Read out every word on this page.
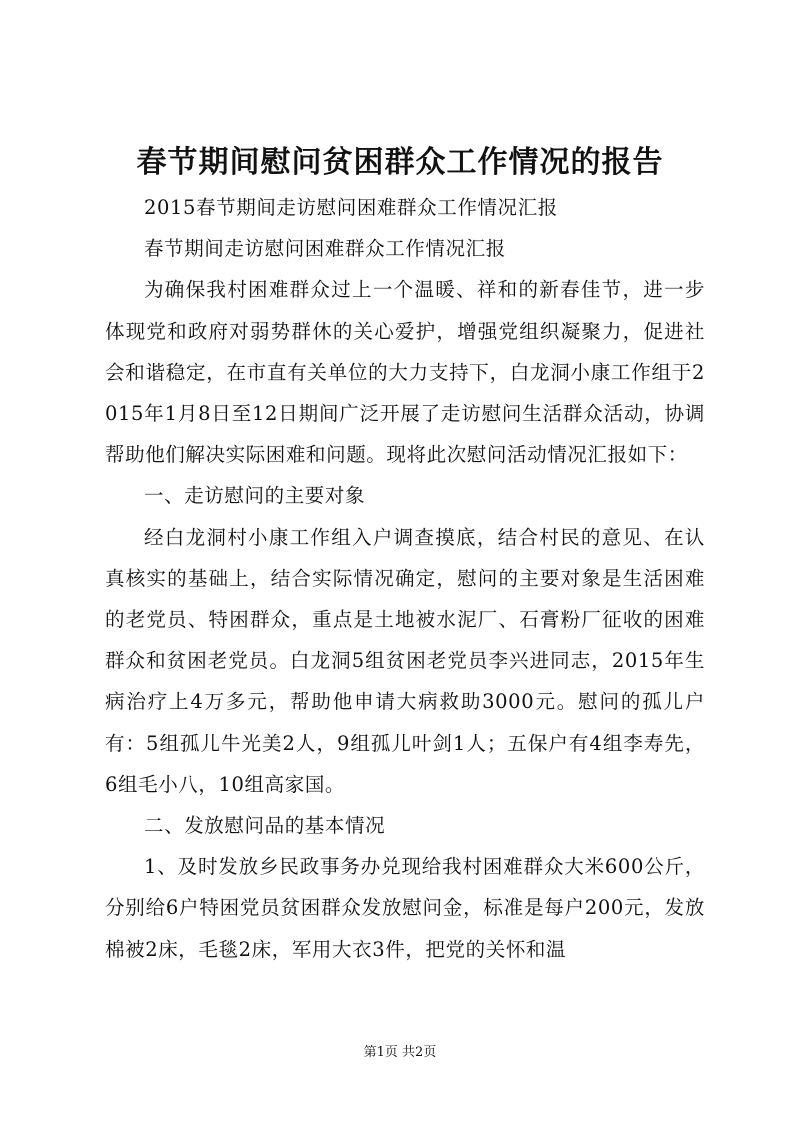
春节期间慰问贫困群众工作情况的报告

2015春节期间走访慰问困难群众工作情况汇报

春节期间走访慰问困难群众工作情况汇报

为确保我村困难群众过上一个温暖、祥和的新春佳节，进一步体现党和政府对弱势群休的关心爱护，增强党组织凝聚力，促进社会和谐稳定，在市直有关单位的大力支持下，白龙洞小康工作组于2015年1月8日至12日期间广泛开展了走访慰问生活群众活动，协调帮助他们解决实际困难和问题。现将此次慰问活动情况汇报如下：

一、走访慰问的主要对象

经白龙洞村小康工作组入户调查摸底，结合村民的意见、在认真核实的基础上，结合实际情况确定，慰问的主要对象是生活困难的老党员、特困群众，重点是土地被水泥厂、石膏粉厂征收的困难群众和贫困老党员。白龙洞5组贫困老党员李兴进同志，2015年生病治疗上4万多元，帮助他申请大病救助3000元。慰问的孤儿户有：5组孤儿牛光美2人，9组孤儿叶剑1人；五保户有4组李寿先，6组毛小八，10组高家国。

二、发放慰问品的基本情况

1、及时发放乡民政事务办兑现给我村困难群众大米600公斤，分别给6户特困党员贫困群众发放慰问金，标准是每户200元，发放棉被2床，毛毯2床，军用大衣3件，把党的关怀和温

第1页 共2页
